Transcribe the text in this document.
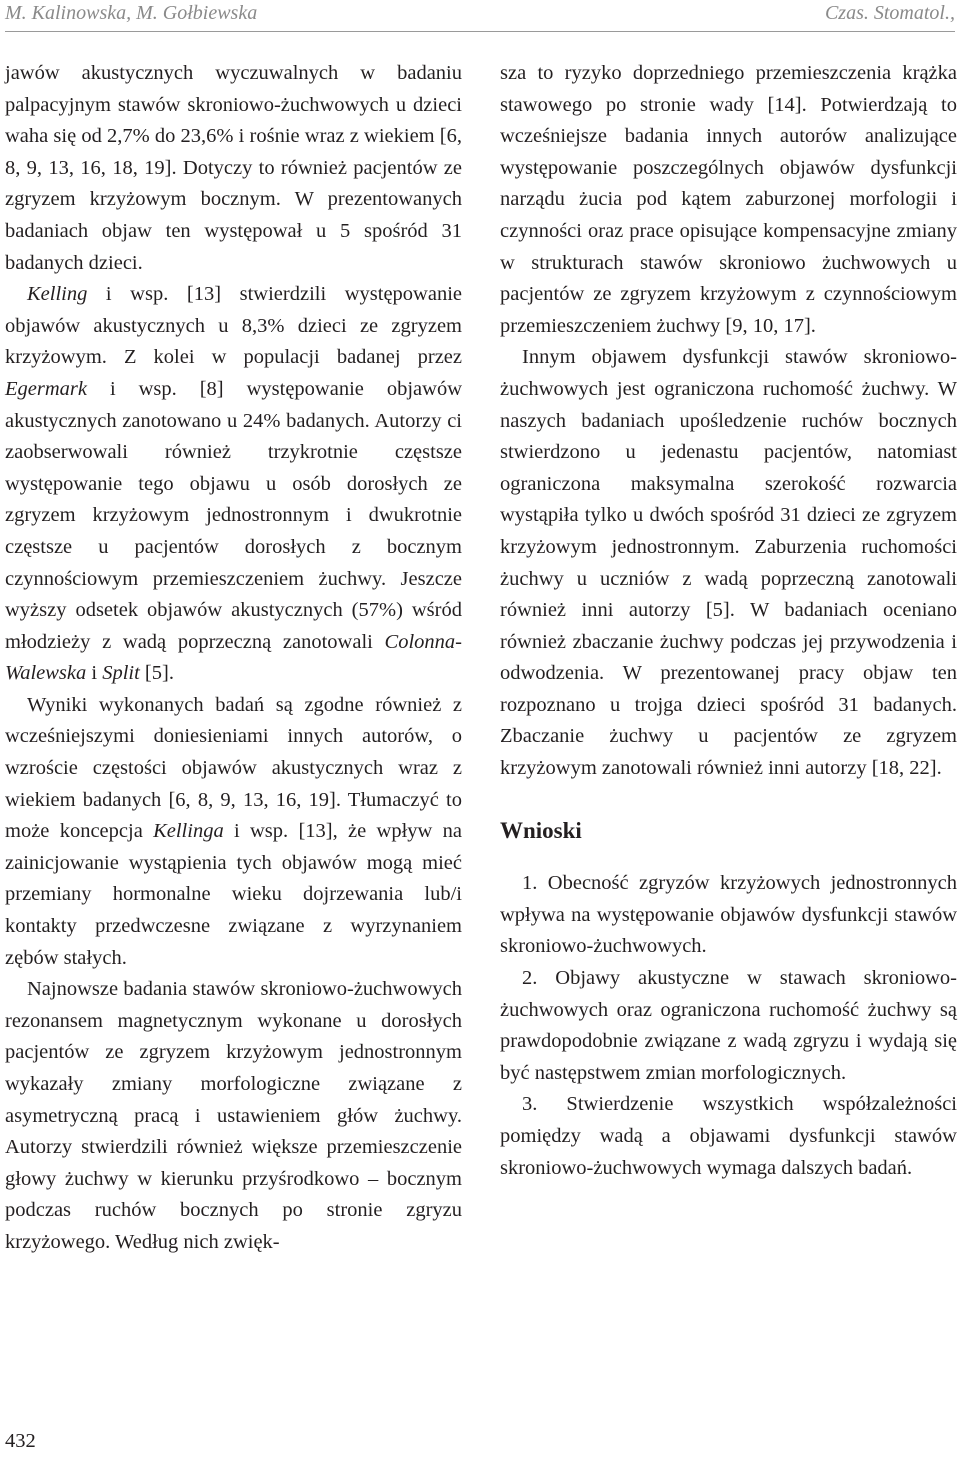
M. Kalinowska, M. Gołbiewska	Czas. Stomatol.,

jawów akustycznych wyczuwalnych w badaniu palpacyjnym stawów skroniowo-żuchwowych u dzieci waha się od 2,7% do 23,6% i rośnie wraz z wiekiem [6, 8, 9, 13, 16, 18, 19]. Dotyczy to również pacjentów ze zgryzem krzyżowym bocznym. W prezentowanych badaniach objaw ten występował u 5 spośród 31 badanych dzieci.

Kelling i wsp. [13] stwierdzili występowanie objawów akustycznych u 8,3% dzieci ze zgryzem krzyżowym. Z kolei w populacji badanej przez Egermark i wsp. [8] występowanie objawów akustycznych zanotowano u 24% badanych. Autorzy ci zaobserwowali również trzykrotnie częstsze występowanie tego objawu u osób dorosłych ze zgryzem krzyżowym jednostronnym i dwukrotnie częstsze u pacjentów dorosłych z bocznym czynnościowym przemieszczeniem żuchwy. Jeszcze wyższy odsetek objawów akustycznych (57%) wśród młodzieży z wadą poprzeczną zanotowali Colonna-Walewska i Split [5].

Wyniki wykonanych badań są zgodne również z wcześniejszymi doniesieniami innych autorów, o wzroście częstości objawów akustycznych wraz z wiekiem badanych [6, 8, 9, 13, 16, 19]. Tłumaczyć to może koncepcja Kellinga i wsp. [13], że wpływ na zainicjowanie wystąpienia tych objawów mogą mieć przemiany hormonalne wieku dojrzewania lub/i kontakty przedwczesne związane z wyrzynaniem zębów stałych.

Najnowsze badania stawów skroniowo-żuchwowych rezonansem magnetycznym wykonane u dorosłych pacjentów ze zgryzem krzyżowym jednostronnym wykazały zmiany morfologiczne związane z asymetryczną pracą i ustawieniem głów żuchwy. Autorzy stwierdzili również większe przemieszczenie głowy żuchwy w kierunku przyśrodkowo – bocznym podczas ruchów bocznych po stronie zgryzu krzyżowego. Według nich zwięk-

sza to ryzyko doprzedniego przemieszczenia krążka stawowego po stronie wady [14]. Potwierdzają to wcześniejsze badania innych autorów analizujące występowanie poszczególnych objawów dysfunkcji narządu żucia pod kątem zaburzonej morfologii i czynności oraz prace opisujące kompensacyjne zmiany w strukturach stawów skroniowo żuchwowych u pacjentów ze zgryzem krzyżowym z czynnościowym przemieszczeniem żuchwy [9, 10, 17].

Innym objawem dysfunkcji stawów skroniowo-żuchwowych jest ograniczona ruchomość żuchwy. W naszych badaniach upośledzenie ruchów bocznych stwierdzono u jedenastu pacjentów, natomiast ograniczona maksymalna szerokość rozwarcia wystąpiła tylko u dwóch spośród 31 dzieci ze zgryzem krzyżowym jednostronnym. Zaburzenia ruchomości żuchwy u uczniów z wadą poprzeczną zanotowali również inni autorzy [5]. W badaniach oceniano również zbaczanie żuchwy podczas jej przywodzenia i odwodzenia. W prezentowanej pracy objaw ten rozpoznano u trojga dzieci spośród 31 badanych. Zbaczanie żuchwy u pacjentów ze zgryzem krzyżowym zanotowali również inni autorzy [18, 22].

Wnioski

1. Obecność zgryzów krzyżowych jednostronnych wpływa na występowanie objawów dysfunkcji stawów skroniowo-żuchwowych.

2. Objawy akustyczne w stawach skroniowo-żuchwowych oraz ograniczona ruchomość żuchwy są prawdopodobnie związane z wadą zgryzu i wydają się być następstwem zmian morfologicznych.

3. Stwierdzenie wszystkich współzależności pomiędzy wadą a objawami dysfunkcji stawów skroniowo-żuchwowych wymaga dalszych badań.

432
